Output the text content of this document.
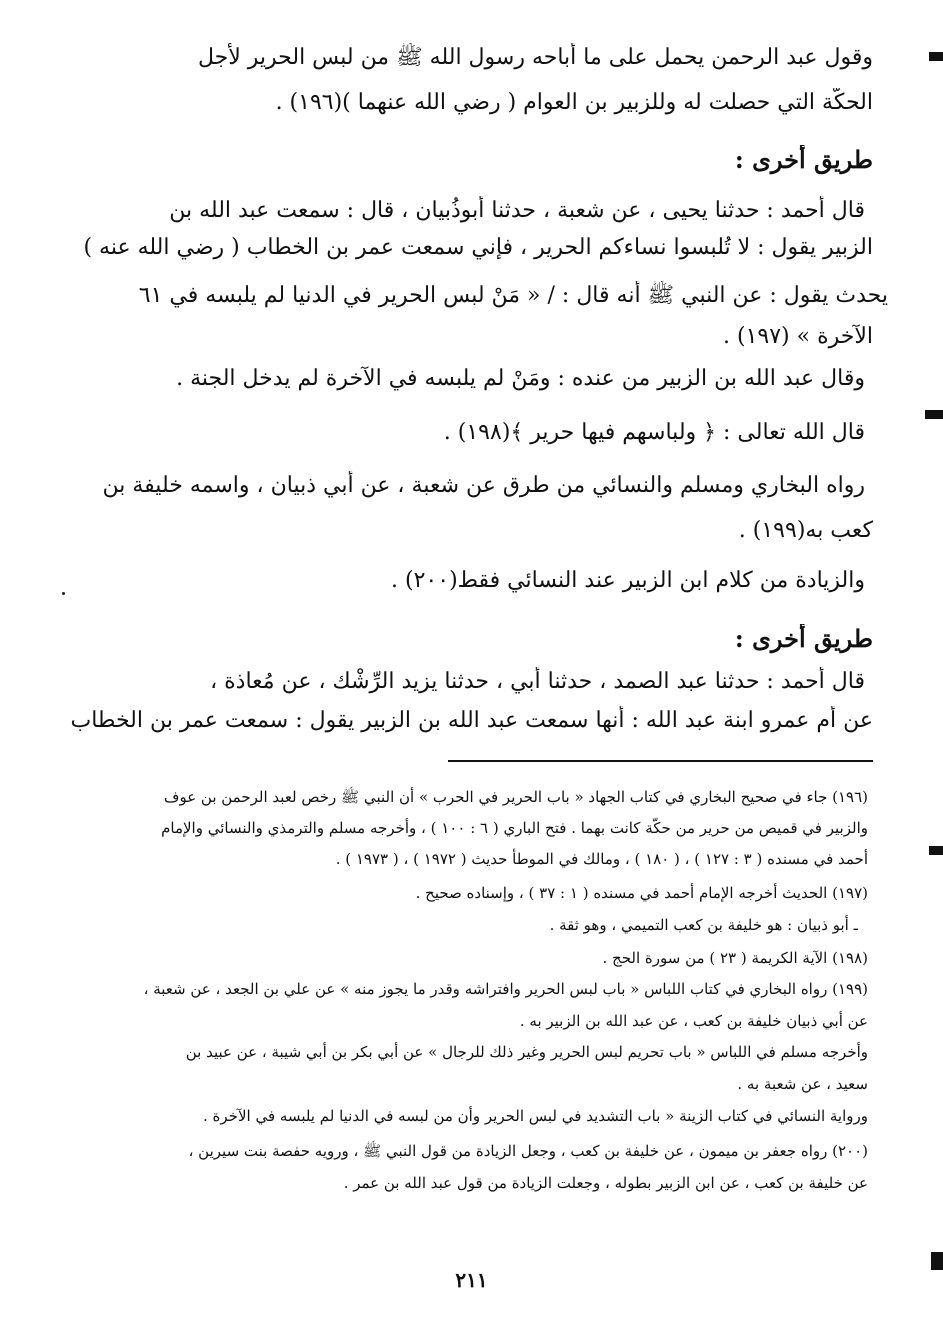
وقول عبد الرحمن يحمل على ما أباحه رسول الله ﷺ من لبس الحرير لأجل
الحكّة التي حصلت له وللزبير بن العوام ( رضي الله عنهما )(١٩٦) .
طريق أخرى :
قال أحمد : حدثنا يحيى ، عن شعبة ، حدثنا أبوذُبيان ، قال : سمعت عبد الله بن
الزبير يقول : لا تُلبسوا نساءكم الحرير ، فإني سمعت عمر بن الخطاب ( رضي الله عنه )
يحدث يقول : عن النبي ﷺ أنه قال : / « مَنْ لبس الحرير في الدنيا لم يلبسه في ٦١
الآخرة » (١٩٧) .
وقال عبد الله بن الزبير من عنده : ومَنْ لم يلبسه في الآخرة لم يدخل الجنة .
قال الله تعالى : ﴿ ولباسهم فيها حرير ﴾(١٩٨) .
رواه البخاري ومسلم والنسائي من طرق عن شعبة ، عن أبي ذبيان ، واسمه خليفة بن
كعب به(١٩٩) .
والزيادة من كلام ابن الزبير عند النسائي فقط(٢٠٠) .
طريق أخرى :
قال أحمد : حدثنا عبد الصمد ، حدثنا أبي ، حدثنا يزيد الرِّشْك ، عن مُعاذة ،
عن أم عمرو ابنة عبد الله : أنها سمعت عبد الله بن الزبير يقول : سمعت عمر بن الخطاب
(١٩٦) جاء في صحيح البخاري في كتاب الجهاد « باب الحرير في الحرب » أن النبي ﷺ رخص لعبد الرحمن بن عوف
والزبير في قميص من حرير من حكّة كانت بهما . فتح الباري ( ٦ : ١٠٠ ) ، وأخرجه مسلم والترمذي والنسائي والإمام
أحمد في مسنده ( ٣ : ١٢٧ ) ، ( ١٨٠ ) ، ومالك في الموطأ حديث ( ١٩٧٢ ) ، ( ١٩٧٣ ) .
(١٩٧) الحديث أخرجه الإمام أحمد في مسنده ( ١ : ٣٧ ) ، وإسناده صحيح .
ـ أبو ذبيان : هو خليفة بن كعب التميمي ، وهو ثقة .
(١٩٨) الآية الكريمة ( ٢٣ ) من سورة الحج .
(١٩٩) رواه البخاري في كتاب اللباس « باب لبس الحرير وافتراشه وقدر ما يجوز منه » عن علي بن الجعد ، عن شعبة ،
عن أبي ذبيان خليفة بن كعب ، عن عبد الله بن الزبير به .
وأخرجه مسلم في اللباس « باب تحريم لبس الحرير وغير ذلك للرجال » عن أبي بكر بن أبي شيبة ، عن عبيد بن
سعيد ، عن شعبة به .
ورواية النسائي في كتاب الزينة « باب التشديد في لبس الحرير وأن من لبسه في الدنيا لم يلبسه في الآخرة .
(٢٠٠) رواه جعفر بن ميمون ، عن خليفة بن كعب ، وجعل الزيادة من قول النبي ﷺ ، ورويه حفصة بنت سيرين ،
عن خليفة بن كعب ، عن ابن الزبير بطوله ، وجعلت الزيادة من قول عبد الله بن عمر .
٢١١
